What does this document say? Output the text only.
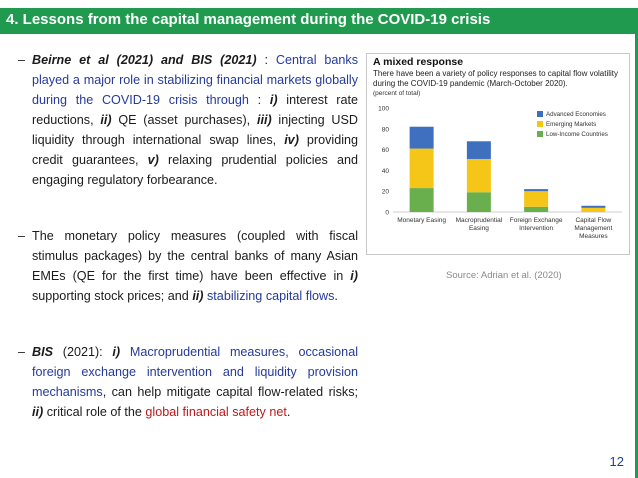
4. Lessons from the capital management during the COVID-19 crisis
– Beirne et al (2021) and BIS (2021) : Central banks played a major role in stabilizing financial markets globally during the COVID-19 crisis through : i) interest rate reductions, ii) QE (asset purchases), iii) injecting USD liquidity through international swap lines, iv) providing credit guarantees, v) relaxing prudential policies and engaging regulatory forbearance.
– The monetary policy measures (coupled with fiscal stimulus packages) by the central banks of many Asian EMEs (QE for the first time) have been effective in i) supporting stock prices; and ii) stabilizing capital flows.
– BIS (2021): i) Macroprudential measures, occasional foreign exchange intervention and liquidity provision mechanisms, can help mitigate capital flow-related risks; ii) critical role of the global financial safety net.
A mixed response
There have been a variety of policy responses to capital flow volatility during the COVID-19 pandemic (March-October 2020).
(percent of total)
0
20
40
60
80
100
Monetary Easing Macroprudential
Easing
Foreign Exchange
Intervention
Capital Flow
Management
Measures
Advanced Economies
Emerging Markets
Low-Income Countries
Source: Adrian et al. (2020)
12
